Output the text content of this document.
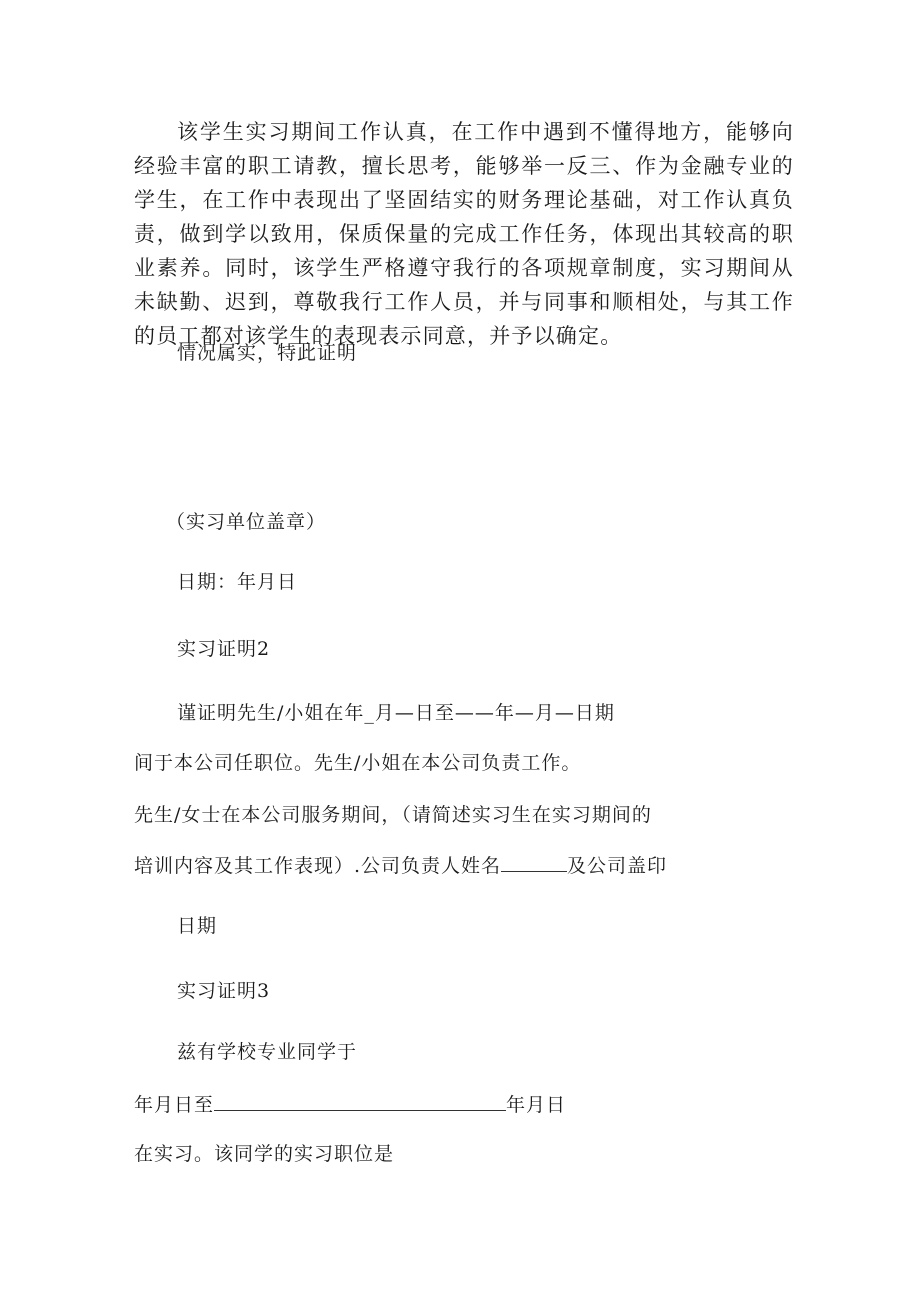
该学生实习期间工作认真，在工作中遇到不懂得地方，能够向经验丰富的职工请教，擅长思考，能够举一反三、作为金融专业的学生，在工作中表现出了坚固结实的财务理论基础，对工作认真负责，做到学以致用，保质保量的完成工作任务，体现出其较高的职业素养。同时，该学生严格遵守我行的各项规章制度，实习期间从未缺勤、迟到，尊敬我行工作人员，并与同事和顺相处，与其工作的员工都对该学生的表现表示同意，并予以确定。

情况属实，特此证明

（实习单位盖章）

日期：年月日

实习证明2

谨证明先生/小姐在年_月—日至——年—月—日期

间于本公司任职位。先生/小姐在本公司负责工作。

先生/女士在本公司服务期间，（请简述实习生在实习期间的

培训内容及其工作表现）.公司负责人姓名	及公司盖印

日期

实习证明3

兹有学校专业同学于

年月日至	年月日

在实习。该同学的实习职位是
